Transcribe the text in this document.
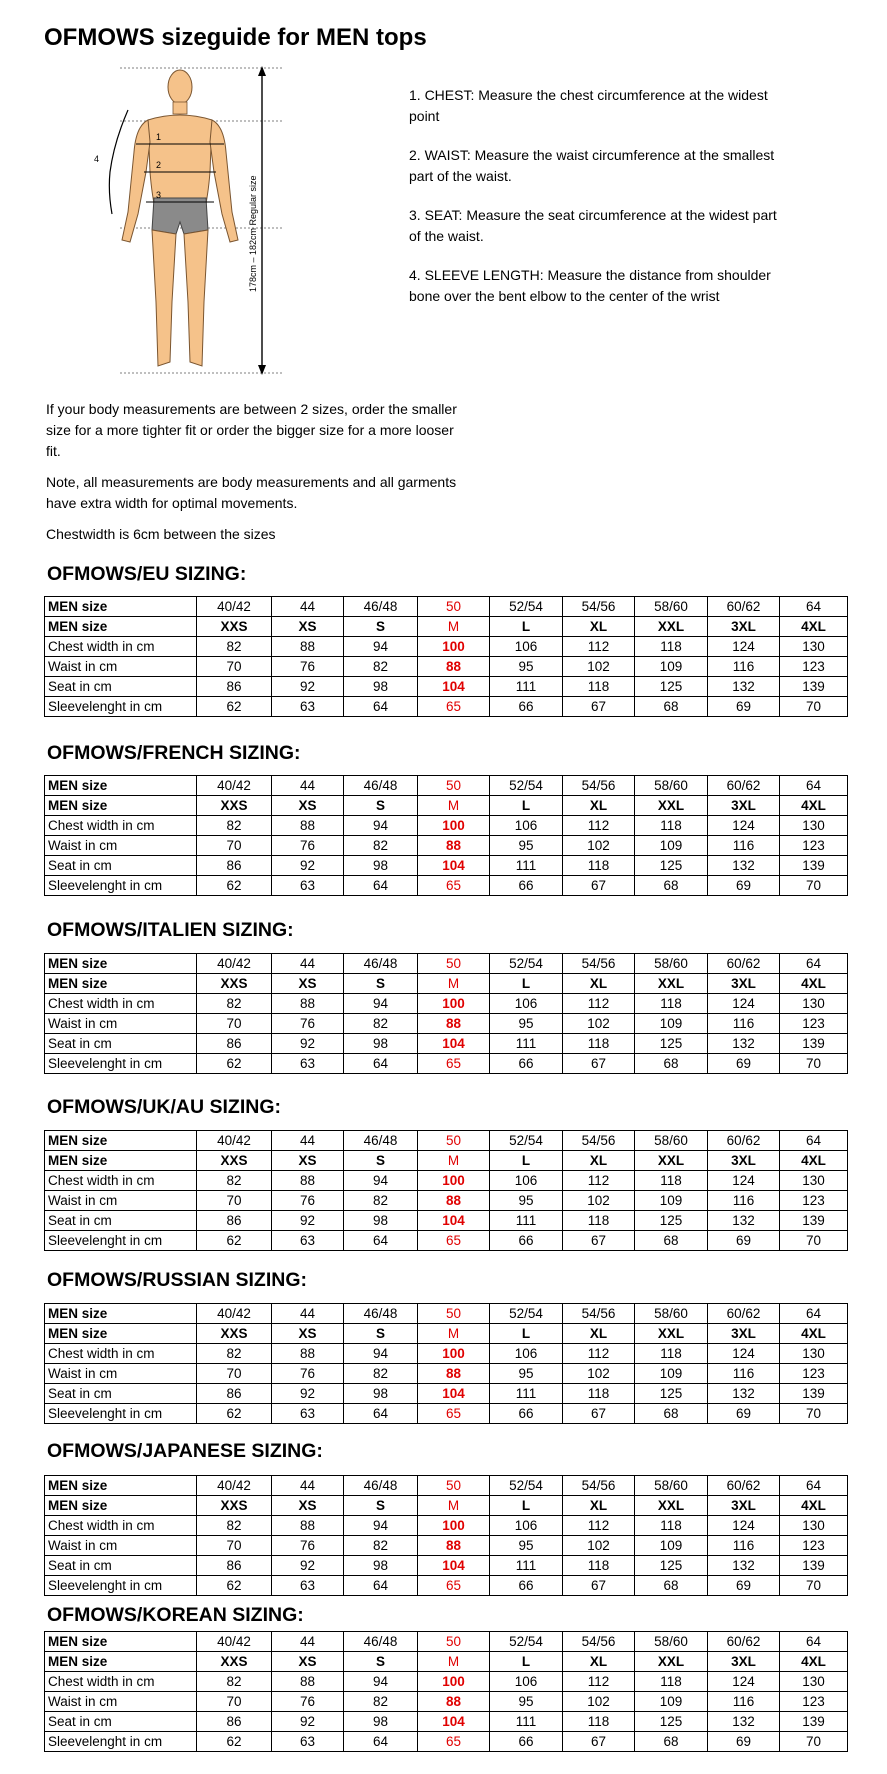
OFMOWS sizeguide for MEN tops
1
2
3
4
178cm – 182cm Regular size

1. CHEST: Measure the chest circumference at the widest point

2. WAIST: Measure the waist circumference at the smallest part of the waist.

3. SEAT: Measure the seat circumference at the widest part of the waist.

4. SLEEVE LENGTH: Measure the distance from shoulder bone over the bent elbow to the center of the wrist

If your body measurements are between 2 sizes, order the smaller size for a more tighter fit or order the bigger size for a more looser fit.

Note, all measurements are body measurements and all garments have extra width for optimal movements.

Chestwidth is 6cm between the sizes

OFMOWS/EU SIZING:
MEN size	40/42	44	46/48	50	52/54	54/56	58/60	60/62	64
MEN size	XXS	XS	S	M	L	XL	XXL	3XL	4XL
Chest width in cm	82	88	94	100	106	112	118	124	130
Waist in cm	70	76	82	88	95	102	109	116	123
Seat in cm	86	92	98	104	111	118	125	132	139
Sleevelenght in cm	62	63	64	65	66	67	68	69	70
OFMOWS/FRENCH SIZING:
MEN size	40/42	44	46/48	50	52/54	54/56	58/60	60/62	64
MEN size	XXS	XS	S	M	L	XL	XXL	3XL	4XL
Chest width in cm	82	88	94	100	106	112	118	124	130
Waist in cm	70	76	82	88	95	102	109	116	123
Seat in cm	86	92	98	104	111	118	125	132	139
Sleevelenght in cm	62	63	64	65	66	67	68	69	70
OFMOWS/ITALIEN SIZING:
MEN size	40/42	44	46/48	50	52/54	54/56	58/60	60/62	64
MEN size	XXS	XS	S	M	L	XL	XXL	3XL	4XL
Chest width in cm	82	88	94	100	106	112	118	124	130
Waist in cm	70	76	82	88	95	102	109	116	123
Seat in cm	86	92	98	104	111	118	125	132	139
Sleevelenght in cm	62	63	64	65	66	67	68	69	70
OFMOWS/UK/AU SIZING:
MEN size	40/42	44	46/48	50	52/54	54/56	58/60	60/62	64
MEN size	XXS	XS	S	M	L	XL	XXL	3XL	4XL
Chest width in cm	82	88	94	100	106	112	118	124	130
Waist in cm	70	76	82	88	95	102	109	116	123
Seat in cm	86	92	98	104	111	118	125	132	139
Sleevelenght in cm	62	63	64	65	66	67	68	69	70
OFMOWS/RUSSIAN SIZING:
MEN size	40/42	44	46/48	50	52/54	54/56	58/60	60/62	64
MEN size	XXS	XS	S	M	L	XL	XXL	3XL	4XL
Chest width in cm	82	88	94	100	106	112	118	124	130
Waist in cm	70	76	82	88	95	102	109	116	123
Seat in cm	86	92	98	104	111	118	125	132	139
Sleevelenght in cm	62	63	64	65	66	67	68	69	70
OFMOWS/JAPANESE SIZING:
MEN size	40/42	44	46/48	50	52/54	54/56	58/60	60/62	64
MEN size	XXS	XS	S	M	L	XL	XXL	3XL	4XL
Chest width in cm	82	88	94	100	106	112	118	124	130
Waist in cm	70	76	82	88	95	102	109	116	123
Seat in cm	86	92	98	104	111	118	125	132	139
Sleevelenght in cm	62	63	64	65	66	67	68	69	70
OFMOWS/KOREAN SIZING:
MEN size	40/42	44	46/48	50	52/54	54/56	58/60	60/62	64
MEN size	XXS	XS	S	M	L	XL	XXL	3XL	4XL
Chest width in cm	82	88	94	100	106	112	118	124	130
Waist in cm	70	76	82	88	95	102	109	116	123
Seat in cm	86	92	98	104	111	118	125	132	139
Sleevelenght in cm	62	63	64	65	66	67	68	69	70
